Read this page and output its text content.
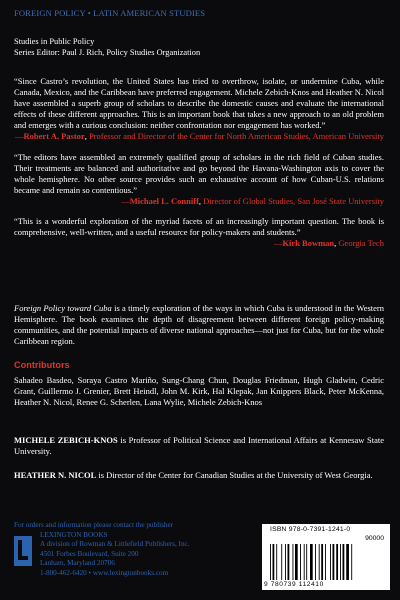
FOREIGN POLICY • LATIN AMERICAN STUDIES
Studies in Public Policy
Series Editor: Paul J. Rich, Policy Studies Organization
“Since Castro’s revolution, the United States has tried to overthrow, isolate, or undermine Cuba, while Canada, Mexico, and the Caribbean have preferred engagement. Michele Zebich-Knos and Heather N. Nicol have assembled a superb group of scholars to describe the domestic causes and evaluate the international effects of these different approaches. This is an important book that takes a new approach to an old problem and emerges with a curious conclusion: neither confrontation nor engagement has worked.”
—Robert A. Pastor, Professor and Director of the Center for North American Studies, American University
“The editors have assembled an extremely qualified group of scholars in the rich field of Cuban studies. Their treatments are balanced and authoritative and go beyond the Havana-Washington axis to cover the whole hemisphere. No other source provides such an exhaustive account of how Cuban-U.S. relations became and remain so contentious.”
—Michael L. Conniff, Director of Global Studies, San José State University
“This is a wonderful exploration of the myriad facets of an increasingly important question. The book is comprehensive, well-written, and a useful resource for policy-makers and students.”
—Kirk Bowman, Georgia Tech
Foreign Policy toward Cuba is a timely exploration of the ways in which Cuba is understood in the Western Hemisphere. The book examines the depth of disagreement between different foreign policy-making communities, and the potential impacts of diverse national approaches—not just for Cuba, but for the whole Caribbean region.
Contributors
Sahadeo Basdeo, Soraya Castro Mariño, Sung-Chang Chun, Douglas Friedman, Hugh Gladwin, Cedric Grant, Guillermo J. Grenier, Brett Heindl, John M. Kirk, Hal Klepak, Jan Knippers Black, Peter McKenna, Heather N. Nicol, Renee G. Scherlen, Lana Wylie, Michele Zebich-Knos
MICHELE ZEBICH-KNOS is Professor of Political Science and International Affairs at Kennesaw State University.
HEATHER N. NICOL is Director of the Center for Canadian Studies at the University of West Georgia.
For orders and information please contact the publisher
LEXINGTON BOOKS
A division of Rowman & Littlefield Publishers, Inc.
4501 Forbes Boulevard, Suite 200
Lanham, Maryland 20706
1-800-462-6420 • www.lexingtonbooks.com
ISBN 978-0-7391-1241-0
90000
9 780739 112410
